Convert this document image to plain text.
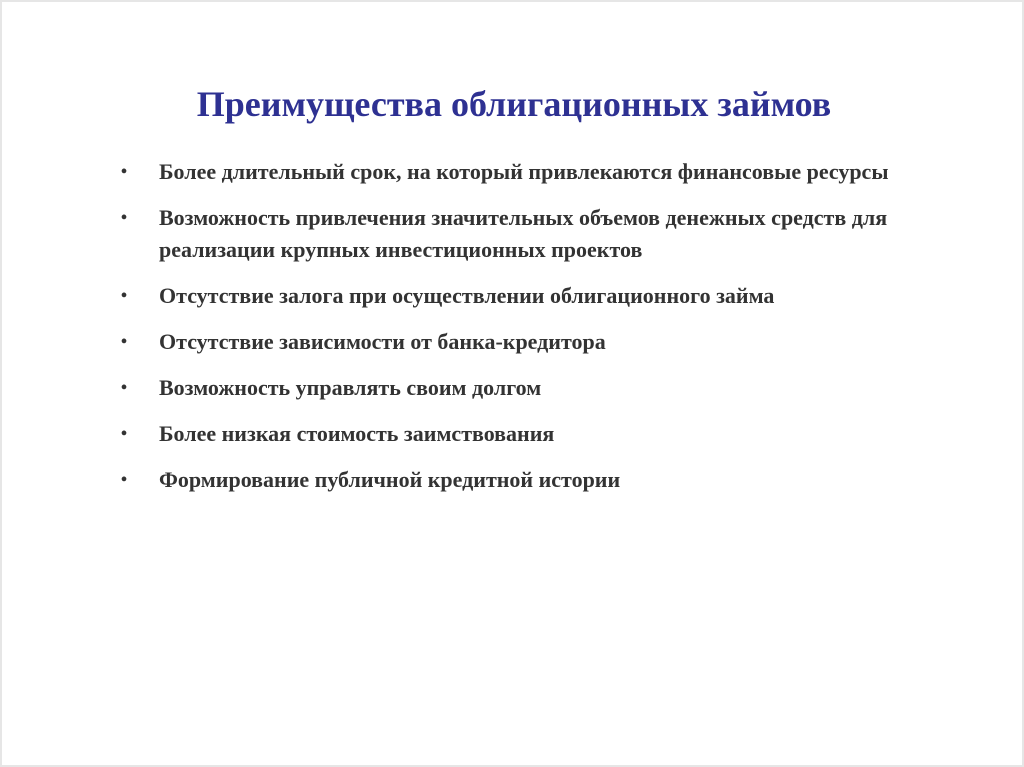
Преимущества облигационных займов
• Более длительный срок, на который привлекаются финансовые ресурсы
• Возможность привлечения значительных объемов денежных средств для реализации крупных инвестиционных проектов
• Отсутствие залога при осуществлении облигационного займа
• Отсутствие зависимости от банка-кредитора
• Возможность управлять своим долгом
• Более низкая стоимость заимствования
• Формирование публичной кредитной истории
